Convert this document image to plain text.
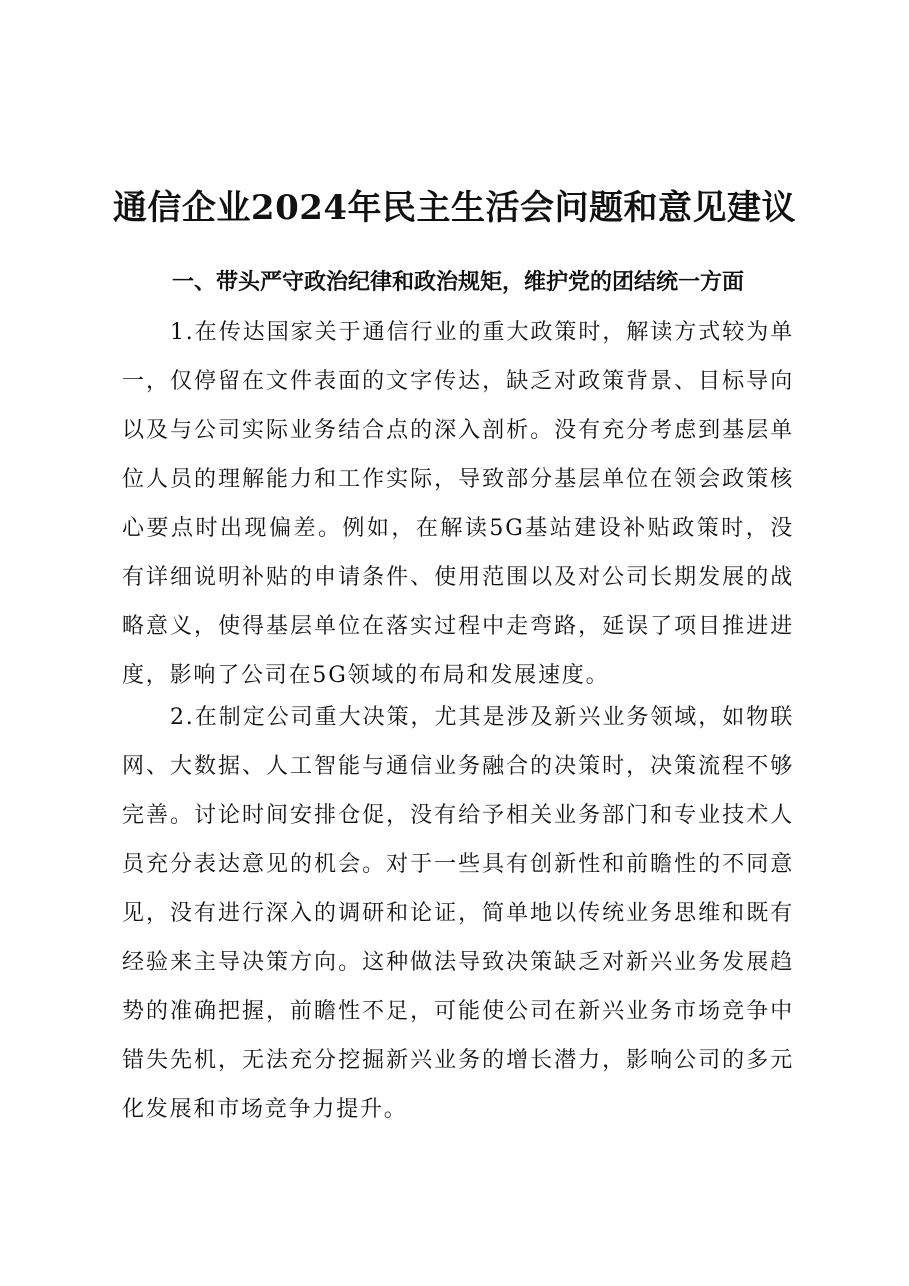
通信企业2024年民主生活会问题和意见建议
一、带头严守政治纪律和政治规矩，维护党的团结统一方面

1.在传达国家关于通信行业的重大政策时，解读方式较为单一，仅停留在文件表面的文字传达，缺乏对政策背景、目标导向以及与公司实际业务结合点的深入剖析。没有充分考虑到基层单位人员的理解能力和工作实际，导致部分基层单位在领会政策核心要点时出现偏差。例如，在解读5G基站建设补贴政策时，没有详细说明补贴的申请条件、使用范围以及对公司长期发展的战略意义，使得基层单位在落实过程中走弯路，延误了项目推进进度，影响了公司在5G领域的布局和发展速度。

2.在制定公司重大决策，尤其是涉及新兴业务领域，如物联网、大数据、人工智能与通信业务融合的决策时，决策流程不够完善。讨论时间安排仓促，没有给予相关业务部门和专业技术人员充分表达意见的机会。对于一些具有创新性和前瞻性的不同意见，没有进行深入的调研和论证，简单地以传统业务思维和既有经验来主导决策方向。这种做法导致决策缺乏对新兴业务发展趋势的准确把握，前瞻性不足，可能使公司在新兴业务市场竞争中错失先机，无法充分挖掘新兴业务的增长潜力，影响公司的多元化发展和市场竞争力提升。
